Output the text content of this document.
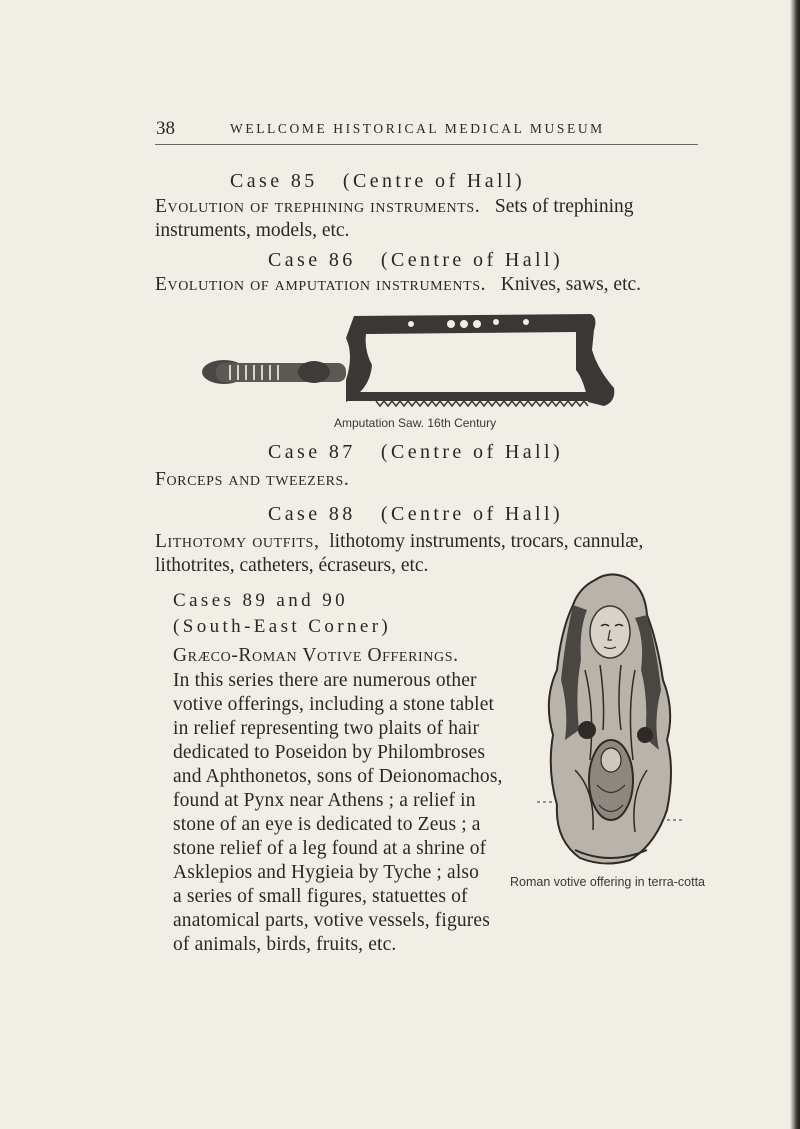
38	WELLCOME HISTORICAL MEDICAL MUSEUM
Case 85 (Centre of Hall)
Evolution of trephining instruments. Sets of trephining
instruments, models, etc.
Case 86 (Centre of Hall)
Evolution of amputation instruments. Knives, saws, etc.
Amputation Saw. 16th Century
Case 87 (Centre of Hall)
Forceps and tweezers.
Case 88 (Centre of Hall)
Lithotomy outfits, lithotomy instruments, trocars, cannulæ,
lithotrites, catheters, écraseurs, etc.
Cases 89 and 90
(South-East Corner)
Græco-Roman Votive Offerings.
In this series there are numerous other
votive offerings, including a stone tablet
in relief representing two plaits of hair
dedicated to Poseidon by Philombroses
and Aphthonetos, sons of Deionomachos,
found at Pynx near Athens ; a relief in
stone of an eye is dedicated to Zeus ; a
stone relief of a leg found at a shrine of
Asklepios and Hygieia by Tyche ; also
a series of small figures, statuettes of
anatomical parts, votive vessels, figures
of animals, birds, fruits, etc.
Roman votive offering in terra-cotta
